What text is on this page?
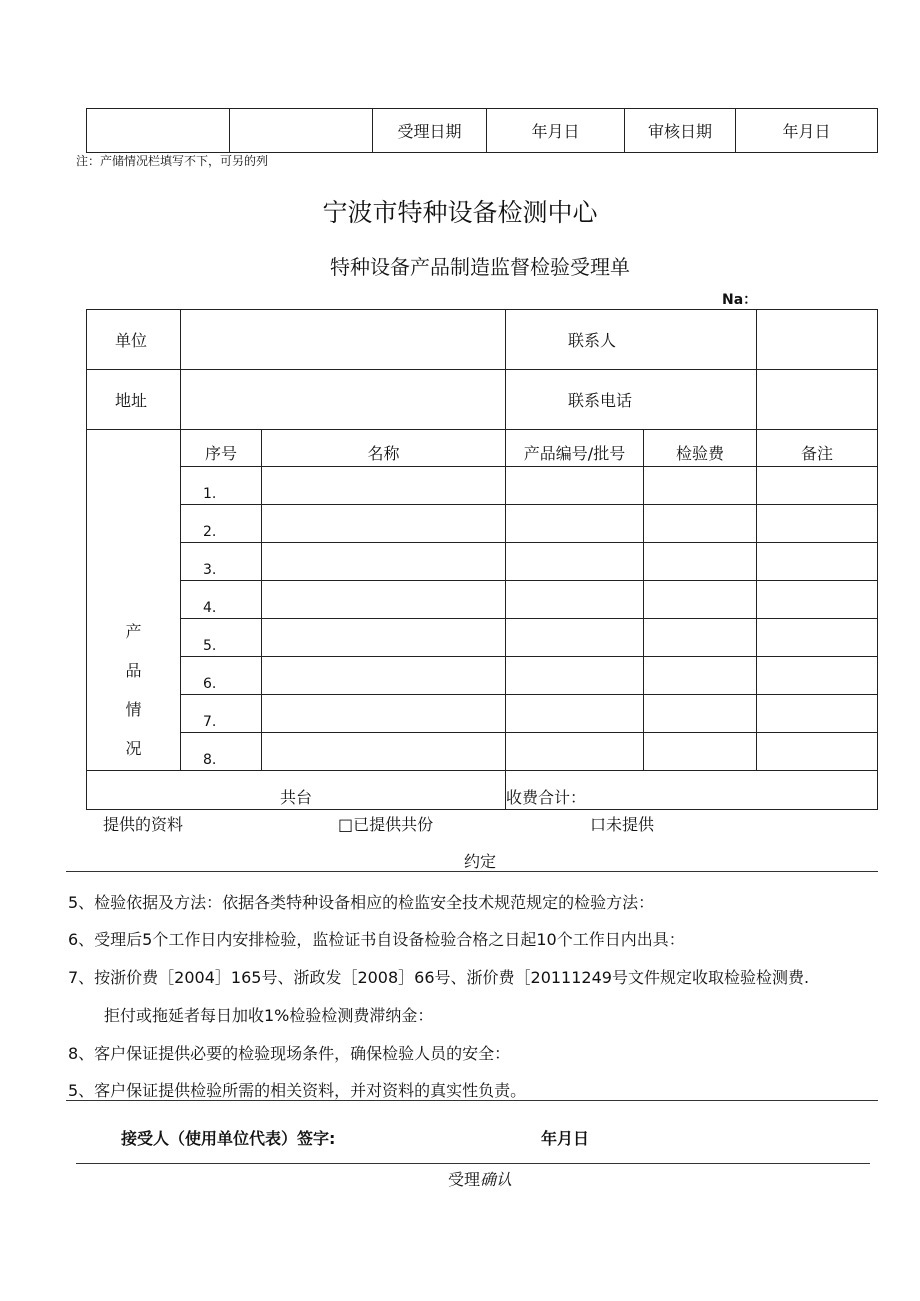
		受理日期	年月日	审核日期	年月日
注：产储情况栏填写不下，可另的列
宁波市特种设备检测中心
特种设备产品制造监督检验受理单
Na：
单位			联系人		
地址			联系电话		

产
品
情
况	序号	名称	产品编号/批号	检验费	备注
	1.				
	2.				
	3.				
	4.				
	5.				
	6.				
	7.				
	8.				
共台			收费合计：		
提供的资料	□已提供共份	口未提供
约定
5、检验依据及方法：依据各类特种设备相应的检监安全技术规范规定的检验方法：
6、受理后5个工作日内安排检验，监检证书自设备检验合格之日起10个工作日内出具：
7、按浙价费［2004］165号、浙政发［2008］66号、浙价费［20111249号文件规定收取检验检测费.
拒付或拖延者每日加收1%检验检测费滞纳金：
8、客户保证提供必要的检验现场条件，确保检验人员的安全：
5、客户保证提供检验所需的相关资料，并对资料的真实性负责。
接受人（使用单位代表）签字:	年月日
受理确认
